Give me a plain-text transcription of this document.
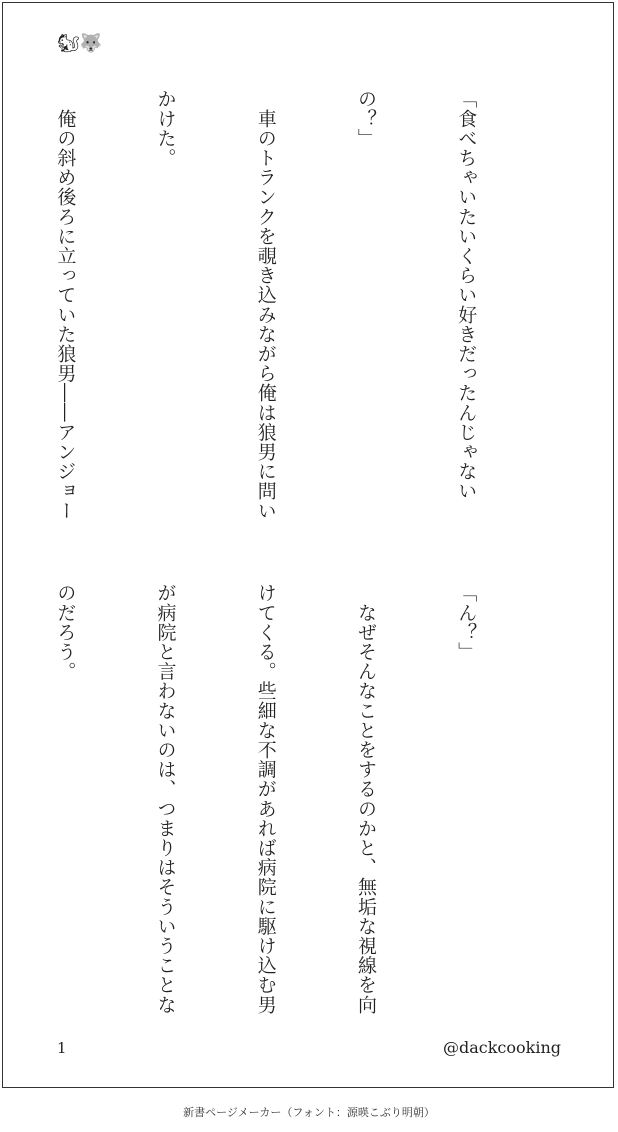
🐿🐺

「食べちゃいたいくらい好きだったんじゃない

の？」

　車のトランクを覗き込みながら俺は狼男に問い

かけた。

　俺の斜め後ろに立っていた狼男――アンジョー

「ん？」

　なぜそんなことをするのかと、無垢な視線を向

けてくる。些細な不調があれば病院に駆け込む男

が病院と言わないのは、つまりはそういうことな

のだろう。

1	@dackcooking
新書ページメーカー（フォント：源暎こぶり明朝）
